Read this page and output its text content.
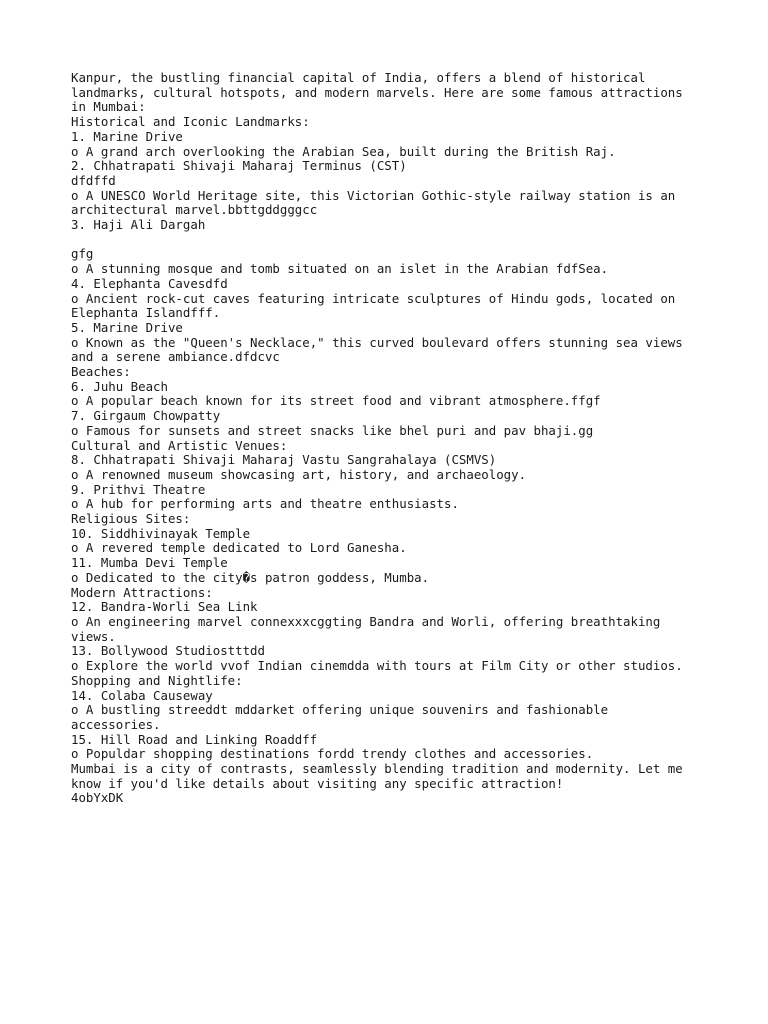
Kanpur, the bustling financial capital of India, offers a blend of historical
landmarks, cultural hotspots, and modern marvels. Here are some famous attractions
in Mumbai:
Historical and Iconic Landmarks:
1. Marine Drive
o A grand arch overlooking the Arabian Sea, built during the British Raj.
2. Chhatrapati Shivaji Maharaj Terminus (CST)
dfdffd
o A UNESCO World Heritage site, this Victorian Gothic-style railway station is an
architectural marvel.bbttgddgggcc
3. Haji Ali Dargah
gfg
o A stunning mosque and tomb situated on an islet in the Arabian fdfSea.
4. Elephanta Cavesdfd
o Ancient rock-cut caves featuring intricate sculptures of Hindu gods, located on
Elephanta Islandfff.
5. Marine Drive
o Known as the "Queen's Necklace," this curved boulevard offers stunning sea views
and a serene ambiance.dfdcvc
Beaches:
6. Juhu Beach
o A popular beach known for its street food and vibrant atmosphere.ffgf
7. Girgaum Chowpatty
o Famous for sunsets and street snacks like bhel puri and pav bhaji.gg
Cultural and Artistic Venues:
8. Chhatrapati Shivaji Maharaj Vastu Sangrahalaya (CSMVS)
o A renowned museum showcasing art, history, and archaeology.
9. Prithvi Theatre
o A hub for performing arts and theatre enthusiasts.
Religious Sites:
10. Siddhivinayak Temple
o A revered temple dedicated to Lord Ganesha.
11. Mumba Devi Temple
o Dedicated to the city�s patron goddess, Mumba.
Modern Attractions:
12. Bandra-Worli Sea Link
o An engineering marvel connexxxcggting Bandra and Worli, offering breathtaking
views.
13. Bollywood Studiostttdd
o Explore the world vvof Indian cinemdda with tours at Film City or other studios.
Shopping and Nightlife:
14. Colaba Causeway
o A bustling streeddt mddarket offering unique souvenirs and fashionable
accessories.
15. Hill Road and Linking Roaddff
o Populdar shopping destinations fordd trendy clothes and accessories.
Mumbai is a city of contrasts, seamlessly blending tradition and modernity. Let me
know if you'd like details about visiting any specific attraction!
4obYxDK
